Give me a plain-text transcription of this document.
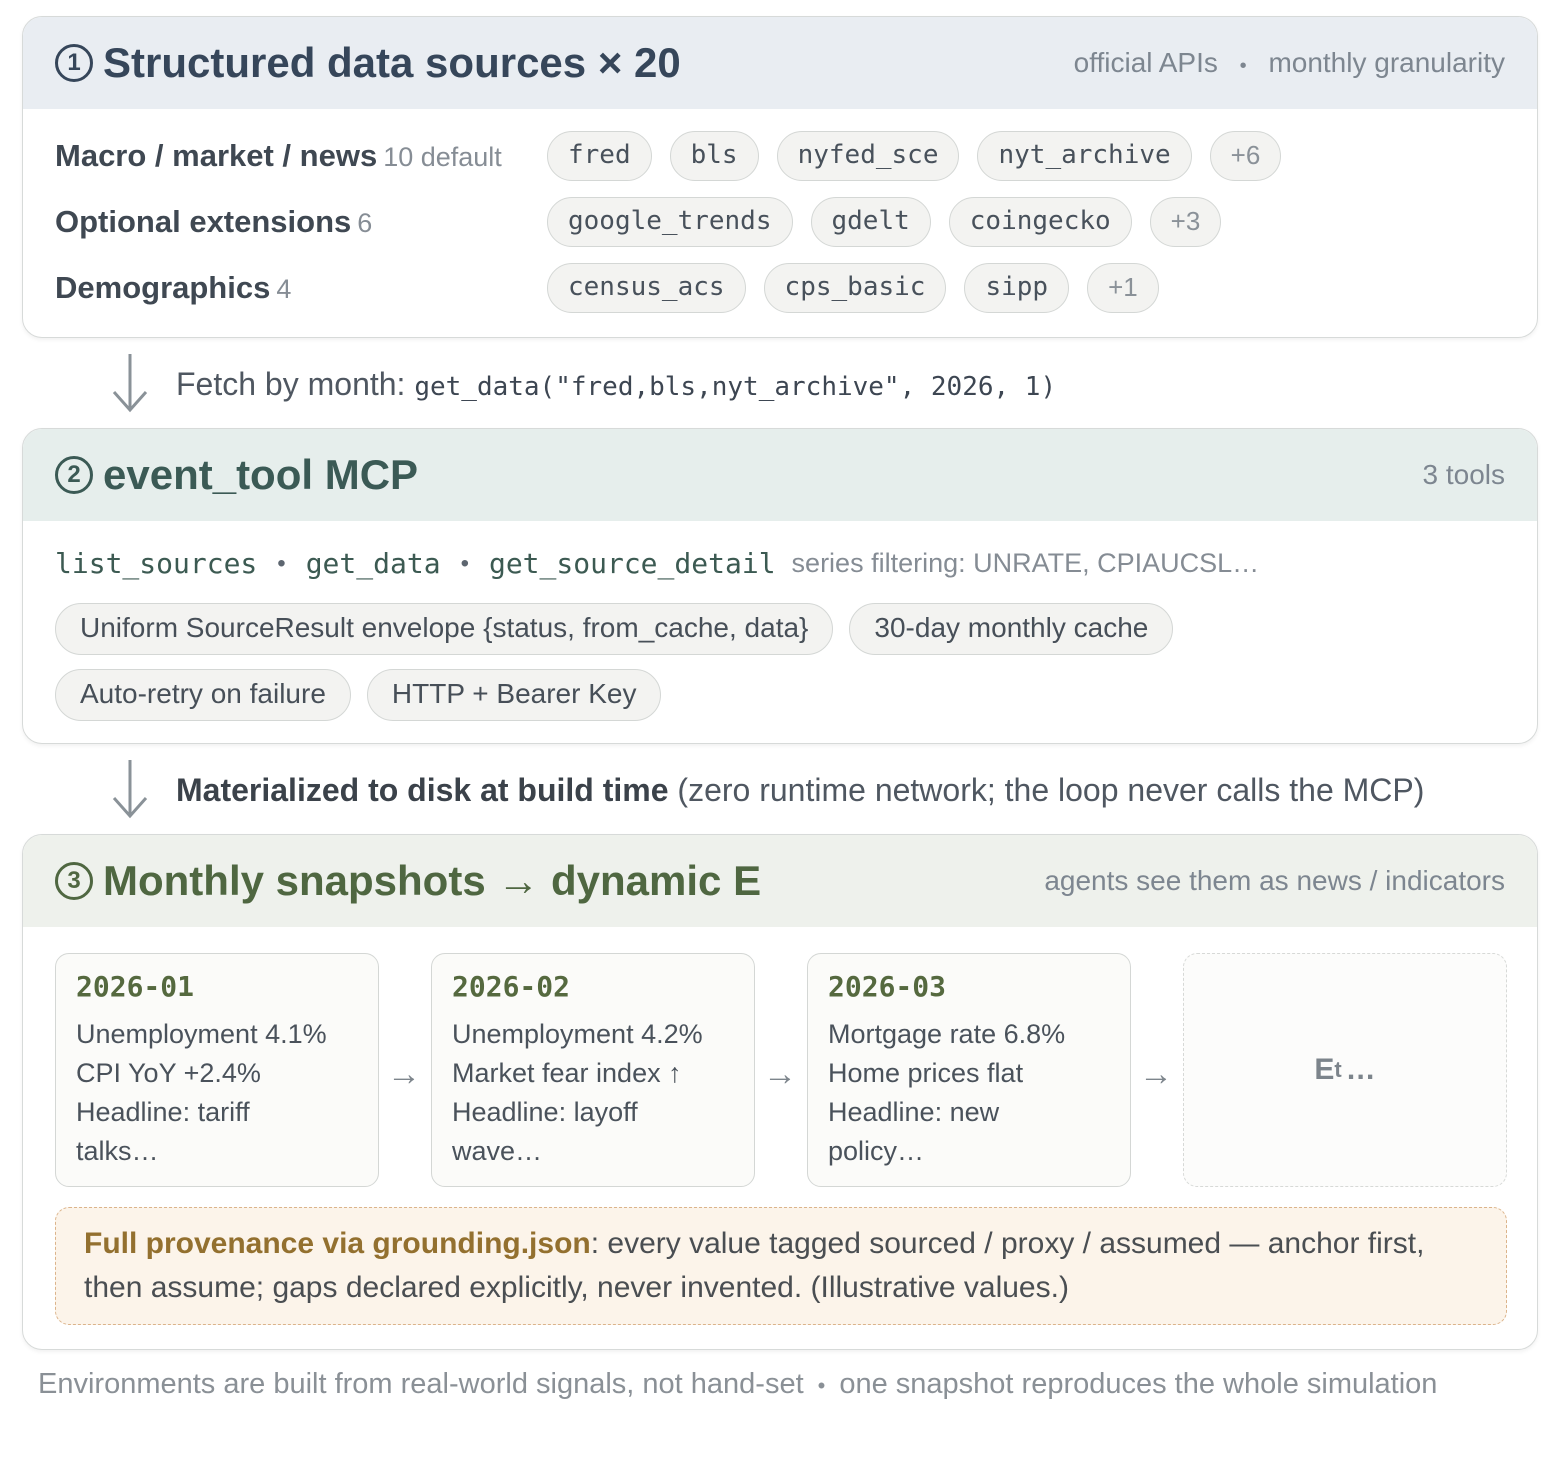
1 Structured data sources × 20	official APIs • monthly granularity
Macro / market / news 10 default	fred	bls	nyfed_sce	nyt_archive	+6
Optional extensions 6	google_trends	gdelt	coingecko	+3
Demographics 4	census_acs	cps_basic	sipp	+1
Fetch by month: get_data("fred,bls,nyt_archive", 2026, 1)
2 event_tool MCP	3 tools
list_sources • get_data • get_source_detail series filtering: UNRATE, CPIAUCSL…
Uniform SourceResult envelope {status, from_cache, data}	30-day monthly cache
Auto-retry on failure	HTTP + Bearer Key
Materialized to disk at build time (zero runtime network; the loop never calls the MCP)
3 Monthly snapshots → dynamic E	agents see them as news / indicators
2026-01
Unemployment 4.1%
CPI YoY +2.4%
Headline: tariff
talks…
→
2026-02
Unemployment 4.2%
Market fear index ↑
Headline: layoff
wave…
→
2026-03
Mortgage rate 6.8%
Home prices flat
Headline: new
policy…
→	E t …
Full provenance via grounding.json: every value tagged sourced / proxy / assumed — anchor first,
then assume; gaps declared explicitly, never invented. (Illustrative values.)
Environments are built from real-world signals, not hand-set • one snapshot reproduces the whole simulation
